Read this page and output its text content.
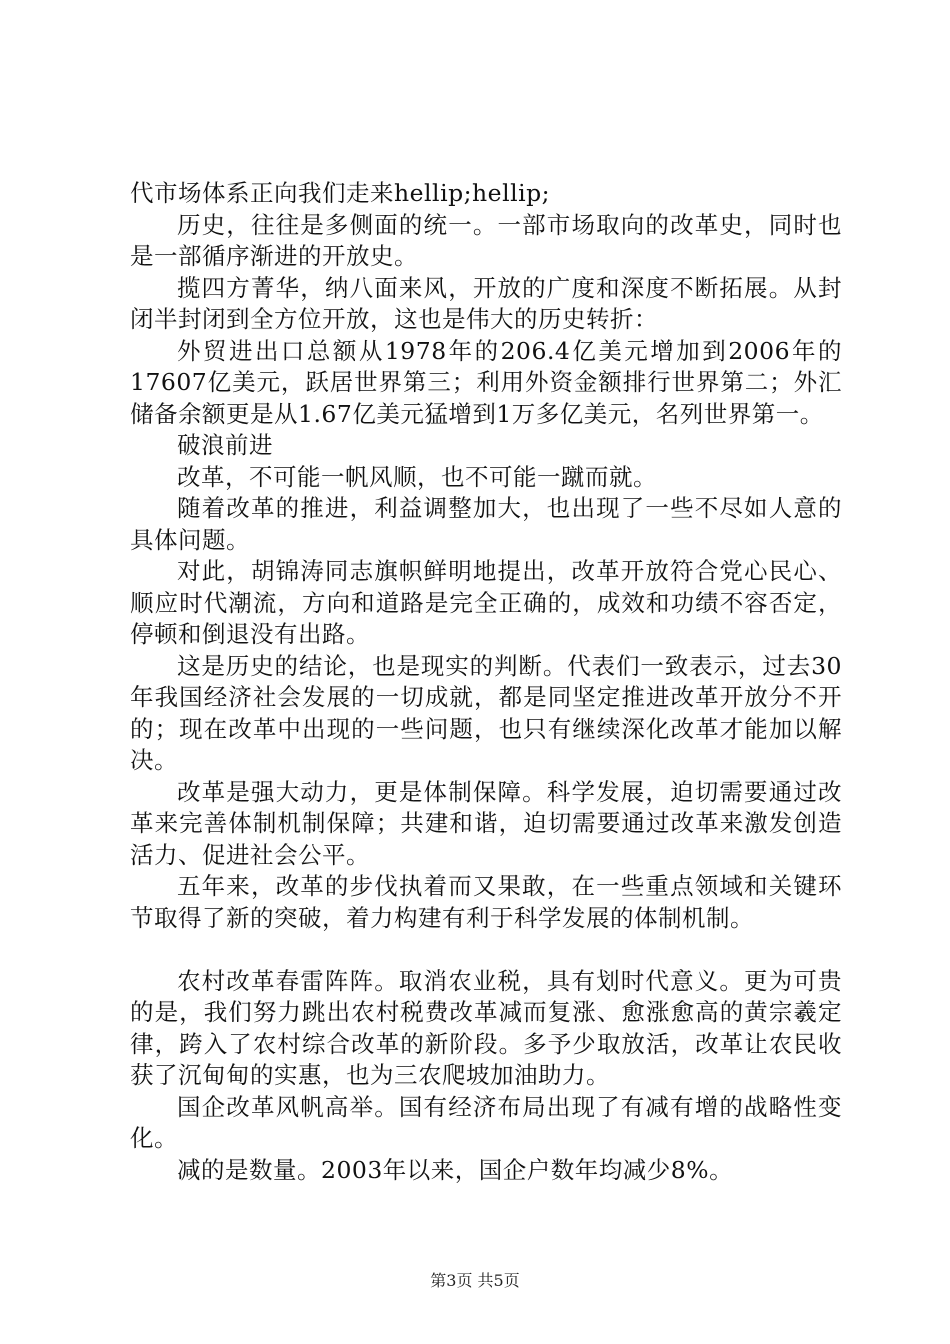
代市场体系正向我们走来hellip;hellip;

历史，往往是多侧面的统一。一部市场取向的改革史，同时也是一部循序渐进的开放史。

揽四方菁华，纳八面来风，开放的广度和深度不断拓展。从封闭半封闭到全方位开放，这也是伟大的历史转折：

外贸进出口总额从1978年的206.4亿美元增加到2006年的17607亿美元，跃居世界第三；利用外资金额排行世界第二；外汇储备余额更是从1.67亿美元猛增到1万多亿美元，名列世界第一。

破浪前进

改革，不可能一帆风顺，也不可能一蹴而就。

随着改革的推进，利益调整加大，也出现了一些不尽如人意的具体问题。

对此，胡锦涛同志旗帜鲜明地提出，改革开放符合党心民心、顺应时代潮流，方向和道路是完全正确的，成效和功绩不容否定，停顿和倒退没有出路。

这是历史的结论，也是现实的判断。代表们一致表示，过去30年我国经济社会发展的一切成就，都是同坚定推进改革开放分不开的；现在改革中出现的一些问题，也只有继续深化改革才能加以解决。

改革是强大动力，更是体制保障。科学发展，迫切需要通过改革来完善体制机制保障；共建和谐，迫切需要通过改革来激发创造活力、促进社会公平。

五年来，改革的步伐执着而又果敢，在一些重点领域和关键环节取得了新的突破，着力构建有利于科学发展的体制机制。

农村改革春雷阵阵。取消农业税，具有划时代意义。更为可贵的是，我们努力跳出农村税费改革减而复涨、愈涨愈高的黄宗羲定律，跨入了农村综合改革的新阶段。多予少取放活，改革让农民收获了沉甸甸的实惠，也为三农爬坡加油助力。

国企改革风帆高举。国有经济布局出现了有减有增的战略性变化。

减的是数量。2003年以来，国企户数年均减少8%。

第3页 共5页
